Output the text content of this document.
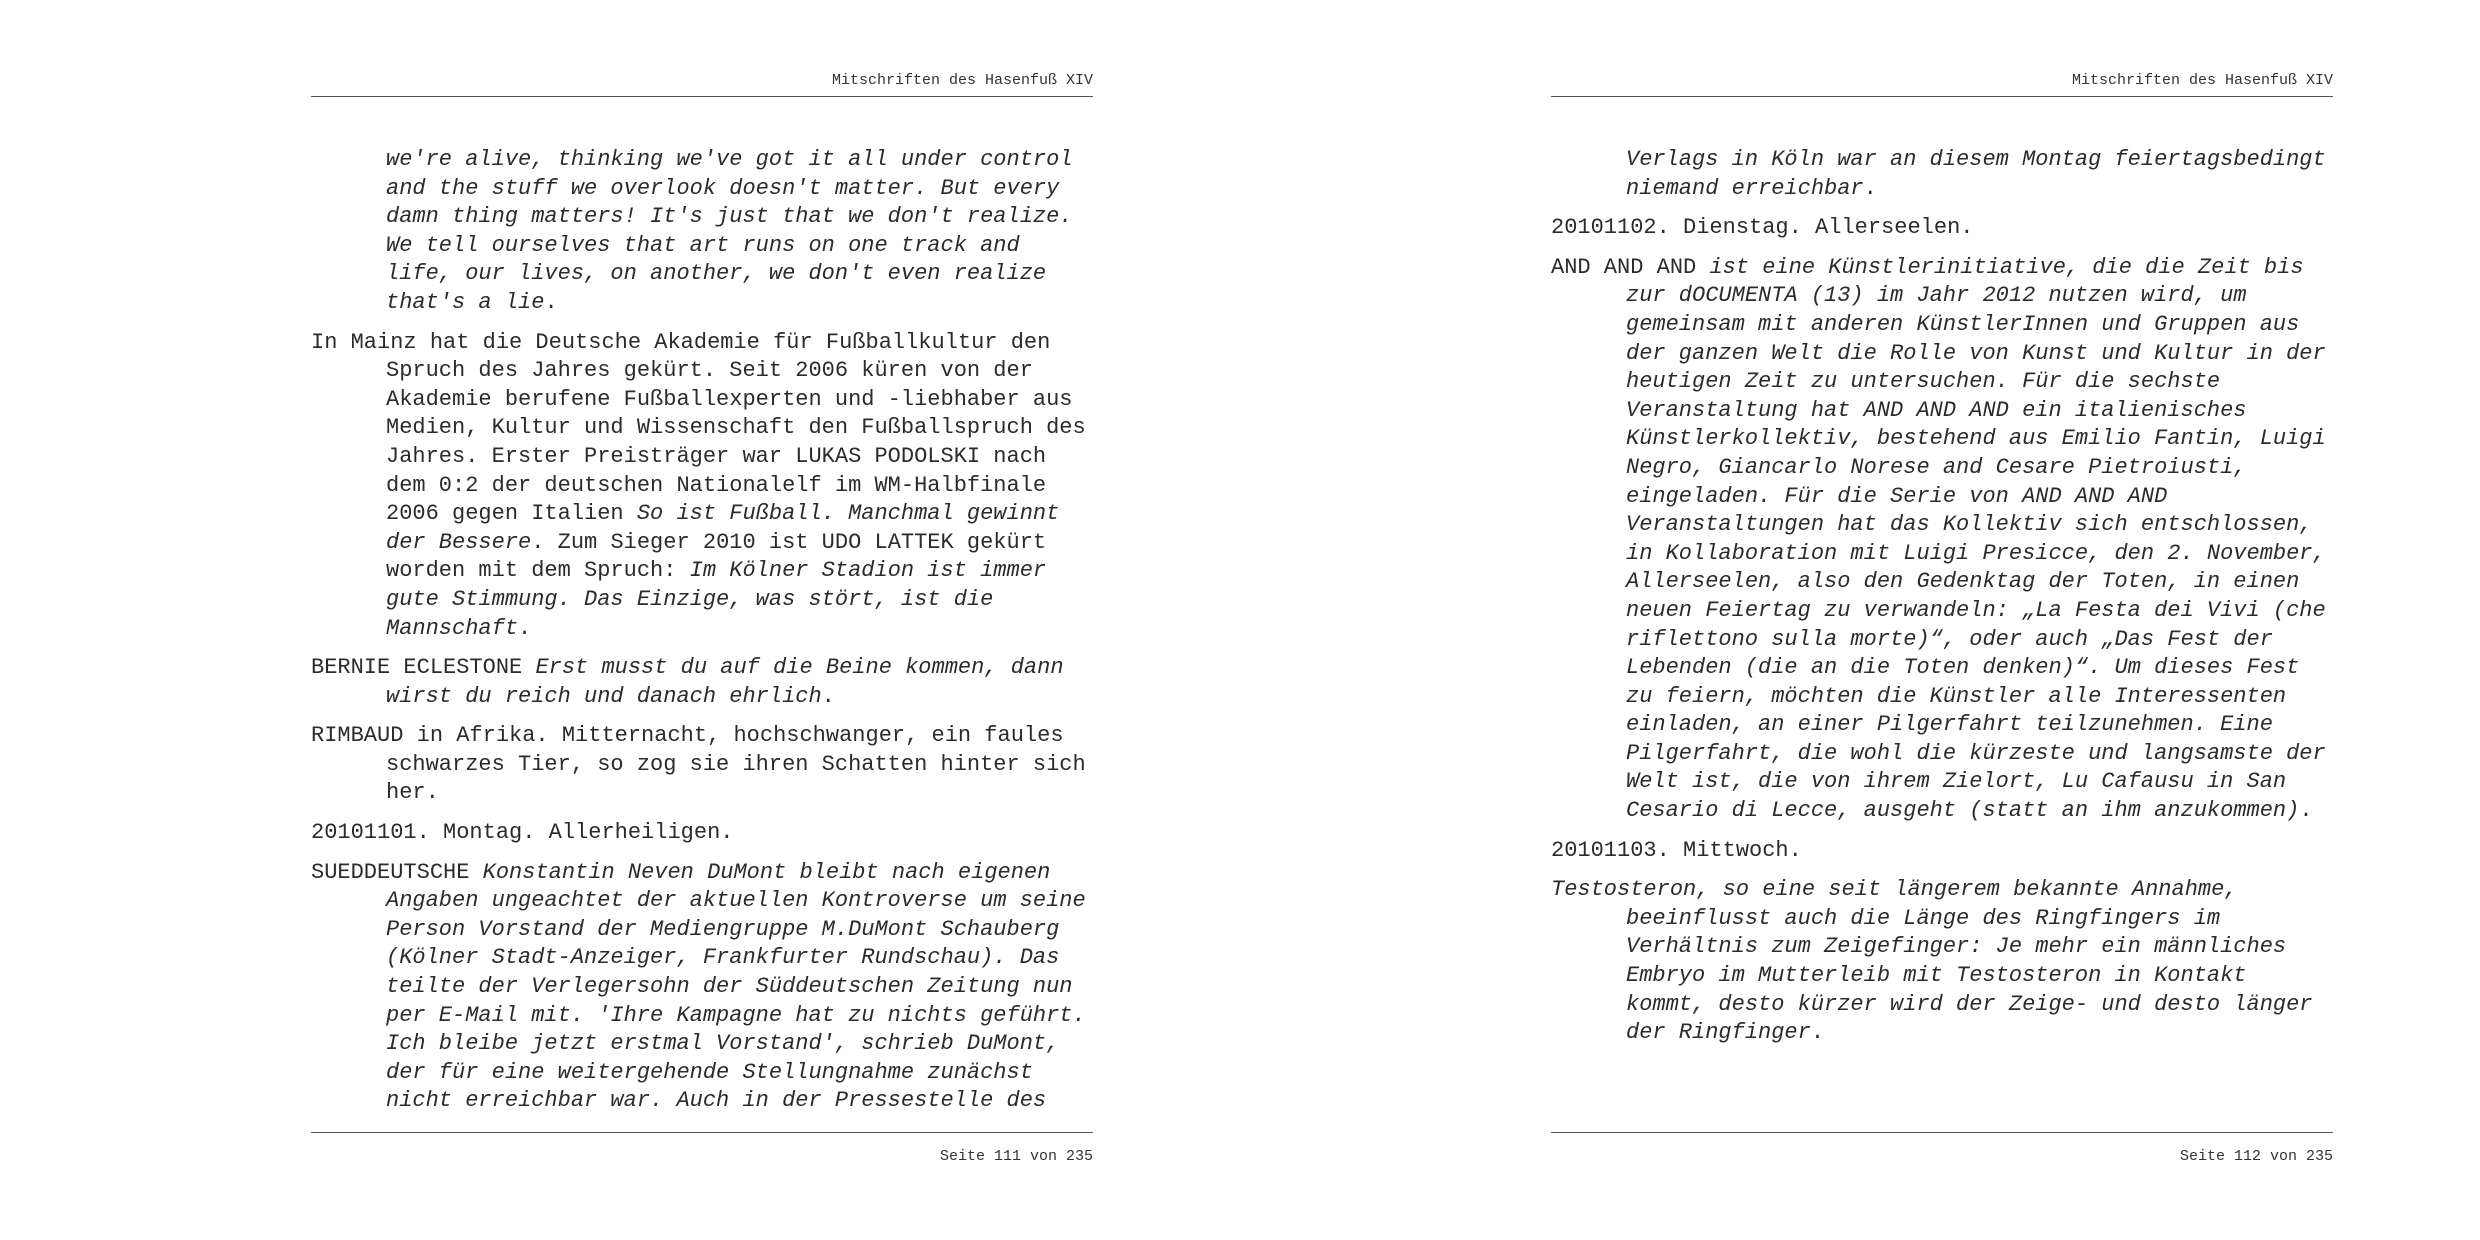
Mitschriften des Hasenfuß XIV

we're alive, thinking we've got it all under control and the stuff we overlook doesn't matter. But every damn thing matters! It's just that we don't realize. We tell ourselves that art runs on one track and life, our lives, on another, we don't even realize that's a lie.

In Mainz hat die Deutsche Akademie für Fußballkultur den Spruch des Jahres gekürt. Seit 2006 küren von der Akademie berufene Fußballexperten und -liebhaber aus Medien, Kultur und Wissenschaft den Fußballspruch des Jahres. Erster Preisträger war LUKAS PODOLSKI nach dem 0:2 der deutschen Nationalelf im WM-Halbfinale 2006 gegen Italien So ist Fußball. Manchmal gewinnt der Bessere. Zum Sieger 2010 ist UDO LATTEK gekürt worden mit dem Spruch: Im Kölner Stadion ist immer gute Stimmung. Das Einzige, was stört, ist die Mannschaft.

BERNIE ECLESTONE Erst musst du auf die Beine kommen, dann wirst du reich und danach ehrlich.

RIMBAUD in Afrika. Mitternacht, hochschwanger, ein faules schwarzes Tier, so zog sie ihren Schatten hinter sich her.

20101101. Montag. Allerheiligen.

SUEDDEUTSCHE Konstantin Neven DuMont bleibt nach eigenen Angaben ungeachtet der aktuellen Kontroverse um seine Person Vorstand der Mediengruppe M.DuMont Schauberg (Kölner Stadt-Anzeiger, Frankfurter Rundschau). Das teilte der Verlegersohn der Süddeutschen Zeitung nun per E-Mail mit. 'Ihre Kampagne hat zu nichts geführt. Ich bleibe jetzt erstmal Vorstand', schrieb DuMont, der für eine weitergehende Stellungnahme zunächst nicht erreichbar war. Auch in der Pressestelle des

Seite 111 von 235
Mitschriften des Hasenfuß XIV

Verlags in Köln war an diesem Montag feiertagsbedingt niemand erreichbar.

20101102. Dienstag. Allerseelen.

AND AND AND ist eine Künstlerinitiative, die die Zeit bis zur dOCUMENTA (13) im Jahr 2012 nutzen wird, um gemeinsam mit anderen KünstlerInnen und Gruppen aus der ganzen Welt die Rolle von Kunst und Kultur in der heutigen Zeit zu untersuchen. Für die sechste Veranstaltung hat AND AND AND ein italienisches Künstlerkollektiv, bestehend aus Emilio Fantin, Luigi Negro, Giancarlo Norese and Cesare Pietroiusti, eingeladen. Für die Serie von AND AND AND Veranstaltungen hat das Kollektiv sich entschlossen, in Kollaboration mit Luigi Presicce, den 2. November, Allerseelen, also den Gedenktag der Toten, in einen neuen Feiertag zu verwandeln: „La Festa dei Vivi (che riflettono sulla morte)“, oder auch „Das Fest der Lebenden (die an die Toten denken)“. Um dieses Fest zu feiern, möchten die Künstler alle Interessenten einladen, an einer Pilgerfahrt teilzunehmen. Eine Pilgerfahrt, die wohl die kürzeste und langsamste der Welt ist, die von ihrem Zielort, Lu Cafausu in San Cesario di Lecce, ausgeht (statt an ihm anzukommen).

20101103. Mittwoch.

Testosteron, so eine seit längerem bekannte Annahme, beeinflusst auch die Länge des Ringfingers im Verhältnis zum Zeigefinger: Je mehr ein männliches Embryo im Mutterleib mit Testosteron in Kontakt kommt, desto kürzer wird der Zeige- und desto länger der Ringfinger.

Seite 112 von 235
